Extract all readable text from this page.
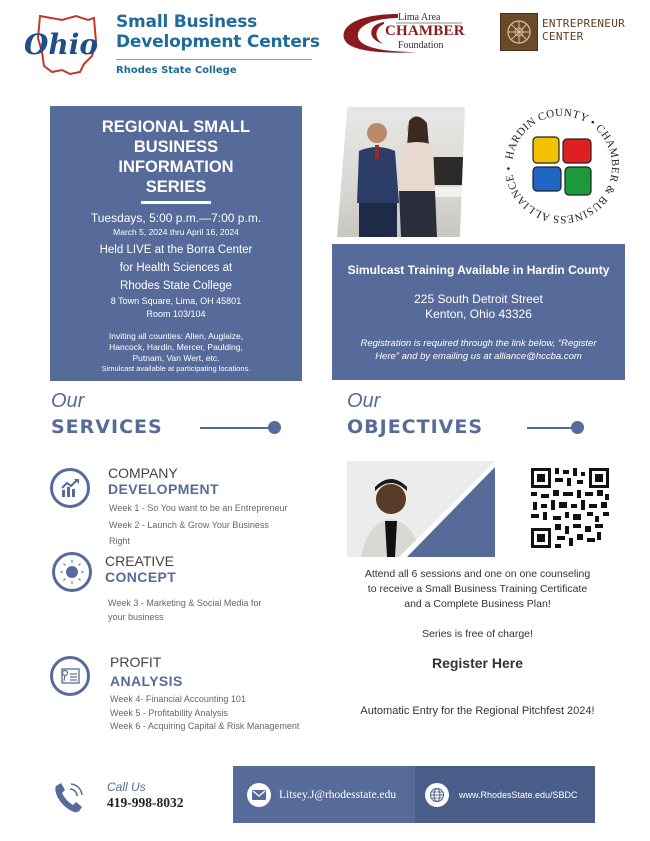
Ohio
Small Business
Development Centers
Rhodes State College
Lima Area
CHAMBER
Foundation
ENTREPRENEUR
CENTER
REGIONAL SMALL
BUSINESS
INFORMATION
SERIES
Tuesdays, 5:00 p.m.—7:00 p.m.
March 5, 2024 thru April 16, 2024
Held LIVE at the Borra Center
for Health Sciences at
Rhodes State College
8 Town Square, Lima, OH 45801
Room 103/104
Inviting all counties: Allen, Auglaize,
Hancock, Hardin, Mercer, Paulding,
Putnam, Van Wert, etc.
Simulcast available at participating locations.
HARDIN COUNTY • CHAMBER & BUSINESS ALLIANCE •
Simulcast Training Available in Hardin County
225 South Detroit Street
Kenton, Ohio 43326
Registration is required through the link below, “Register
Here” and by emailing us at alliance@hccba.com
Our
SERVICES
COMPANY
DEVELOPMENT
Week 1 - So You want to be an Entrepreneur
Week 2 - Launch & Grow Your Business
Right
CREATIVE
CONCEPT
Week 3 - Marketing & Social Media for
your business
PROFIT
ANALYSIS
Week 4- Financial Accounting 101
Week 5 - Profitability Analysis
Week 6 - Acquiring Capital & Risk Management
Our
OBJECTIVES
Attend all 6 sessions and one on one counseling
to receive a Small Business Training Certificate
and a Complete Business Plan!
Series is free of charge!
Register Here
Automatic Entry for the Regional Pitchfest 2024!
Call Us
419-998-8032
Litsey.J@rhodesstate.edu	www.RhodesState.edu/SBDC
